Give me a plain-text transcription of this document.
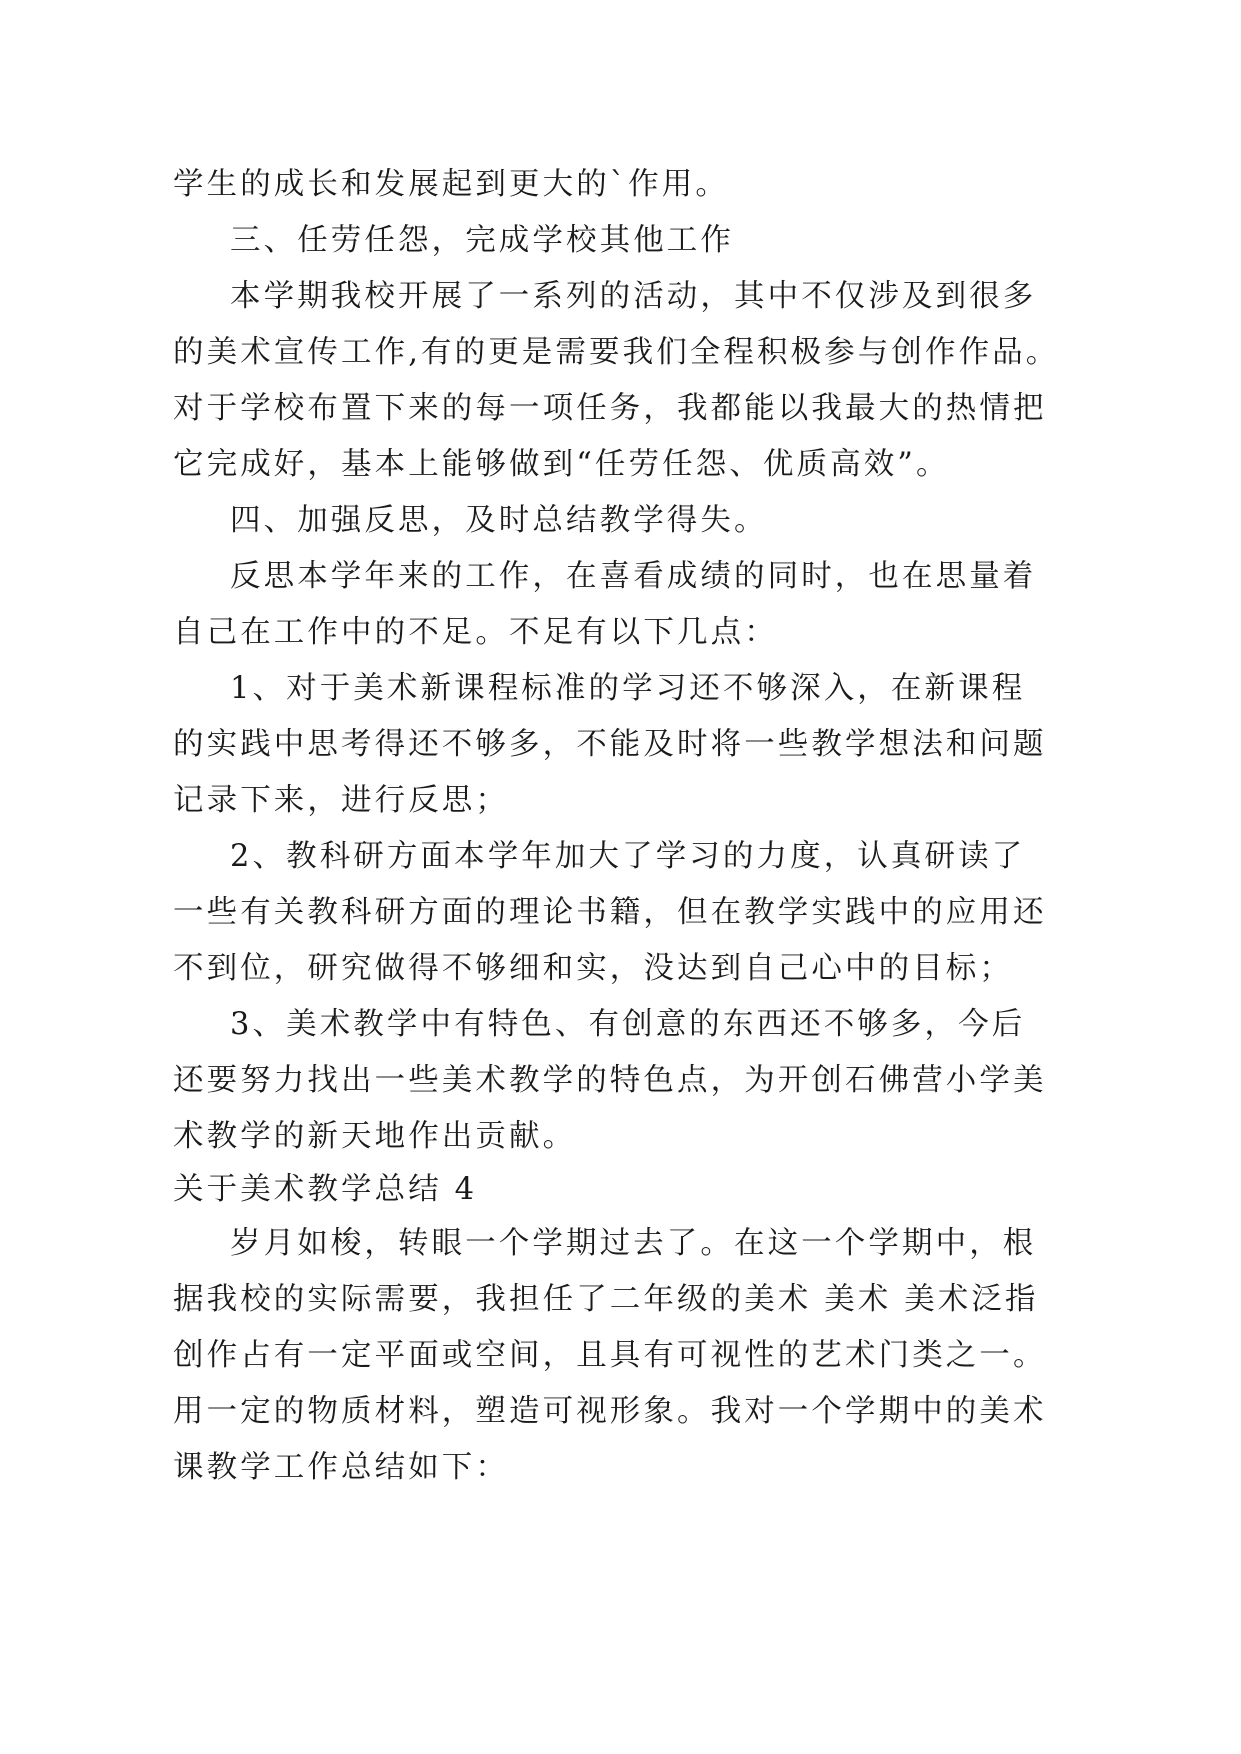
学生的成长和发展起到更大的`作用。

三、任劳任怨，完成学校其他工作

本学期我校开展了一系列的活动，其中不仅涉及到很多

的美术宣传工作,有的更是需要我们全程积极参与创作作品。

对于学校布置下来的每一项任务，我都能以我最大的热情把

它完成好，基本上能够做到“任劳任怨、优质高效”。

四、加强反思，及时总结教学得失。

反思本学年来的工作，在喜看成绩的同时，也在思量着

自己在工作中的不足。不足有以下几点：

1、对于美术新课程标准的学习还不够深入，在新课程

的实践中思考得还不够多，不能及时将一些教学想法和问题

记录下来，进行反思；

2、教科研方面本学年加大了学习的力度，认真研读了

一些有关教科研方面的理论书籍，但在教学实践中的应用还

不到位，研究做得不够细和实，没达到自己心中的目标；

3、美术教学中有特色、有创意的东西还不够多，今后

还要努力找出一些美术教学的特色点，为开创石佛营小学美

术教学的新天地作出贡献。

关于美术教学总结 4

岁月如梭，转眼一个学期过去了。在这一个学期中，根

据我校的实际需要，我担任了二年级的美术 美术 美术泛指

创作占有一定平面或空间，且具有可视性的艺术门类之一。

用一定的物质材料，塑造可视形象。我对一个学期中的美术

课教学工作总结如下：
